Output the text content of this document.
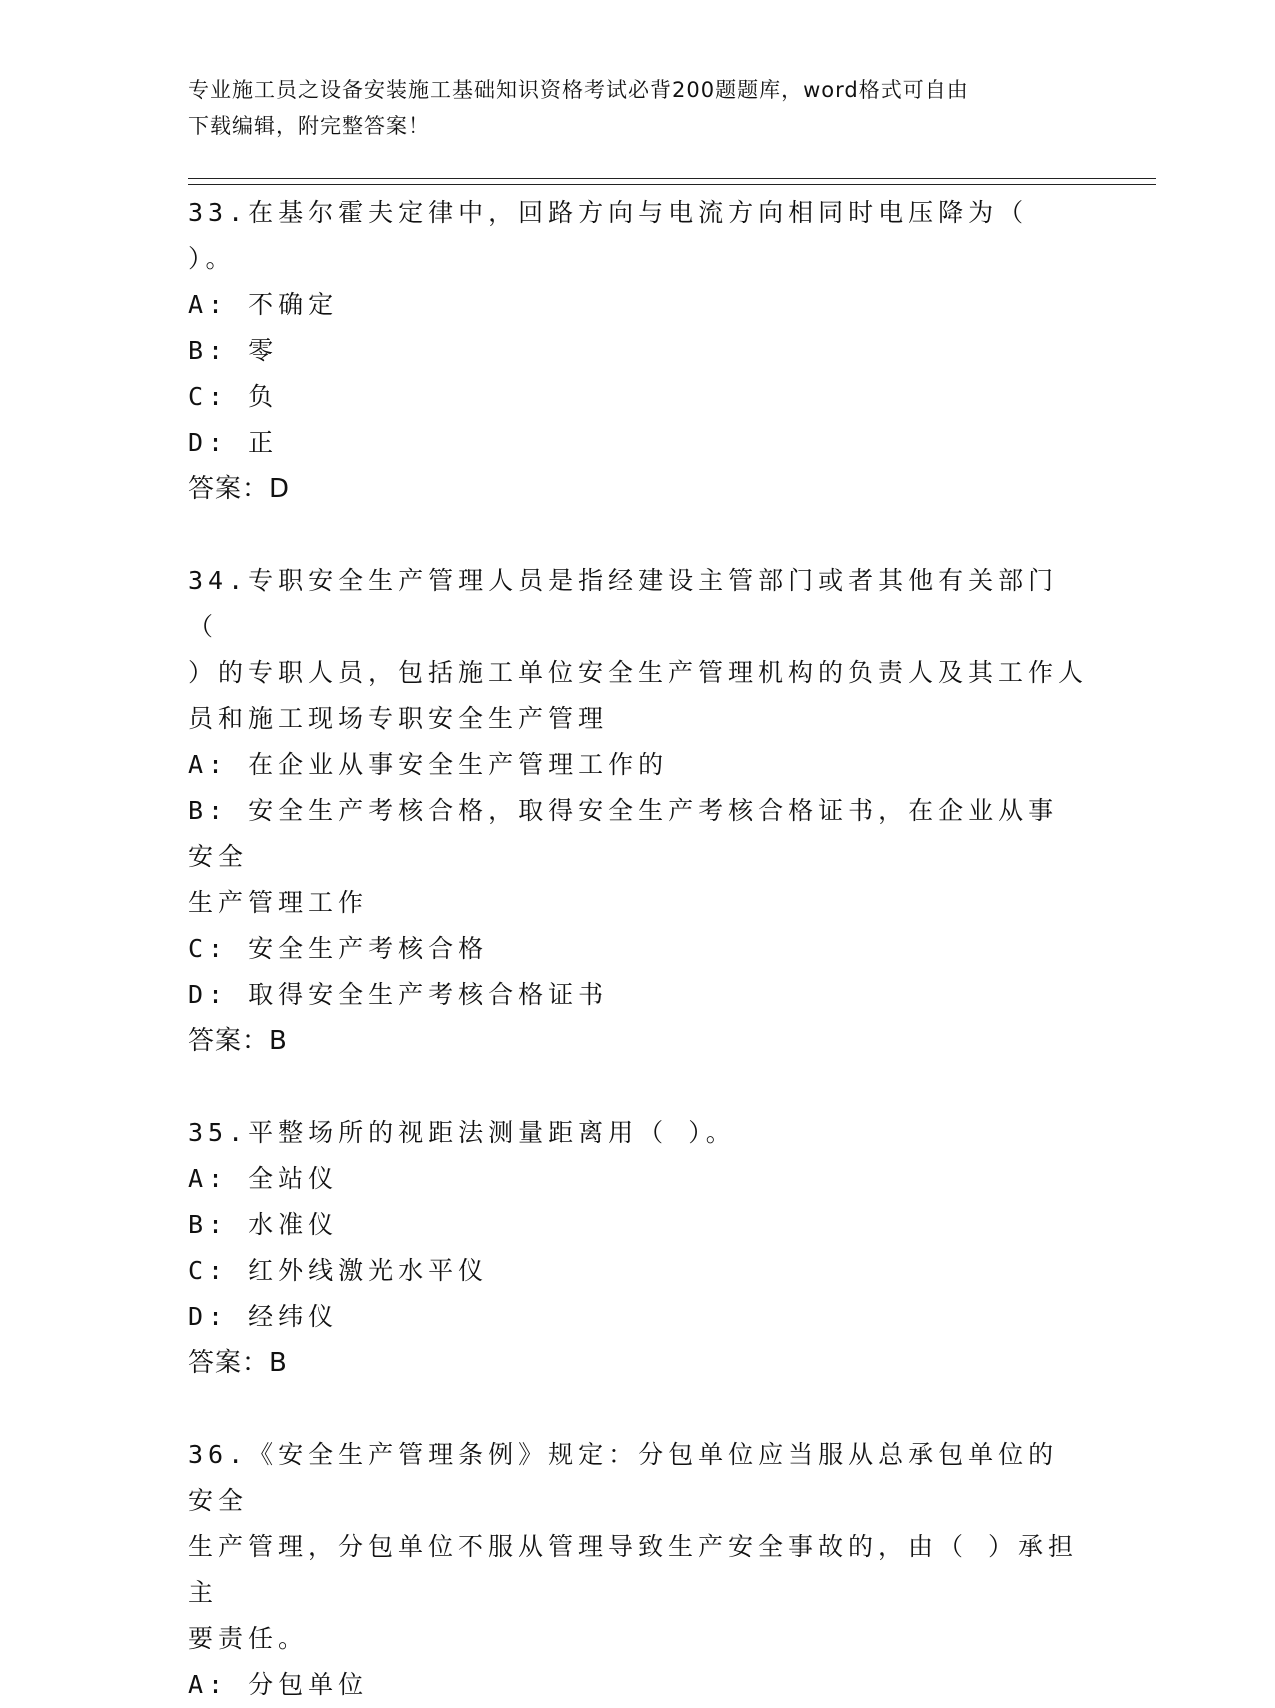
专业施工员之设备安装施工基础知识资格考试必背200题题库，word格式可自由
下载编辑，附完整答案！
33.在基尔霍夫定律中，回路方向与电流方向相同时电压降为（ ）。
A: 不确定
B: 零
C: 负
D: 正
答案：D
34.专职安全生产管理人员是指经建设主管部门或者其他有关部门（
）的专职人员，包括施工单位安全生产管理机构的负责人及其工作人
员和施工现场专职安全生产管理
A: 在企业从事安全生产管理工作的
B: 安全生产考核合格，取得安全生产考核合格证书，在企业从事安全
生产管理工作
C: 安全生产考核合格
D: 取得安全生产考核合格证书
答案：B
35.平整场所的视距法测量距离用（ ）。
A: 全站仪
B: 水准仪
C: 红外线激光水平仪
D: 经纬仪
答案：B
36.《安全生产管理条例》规定：分包单位应当服从总承包单位的安全
生产管理，分包单位不服从管理导致生产安全事故的，由（ ）承担主
要责任。
A: 分包单位
